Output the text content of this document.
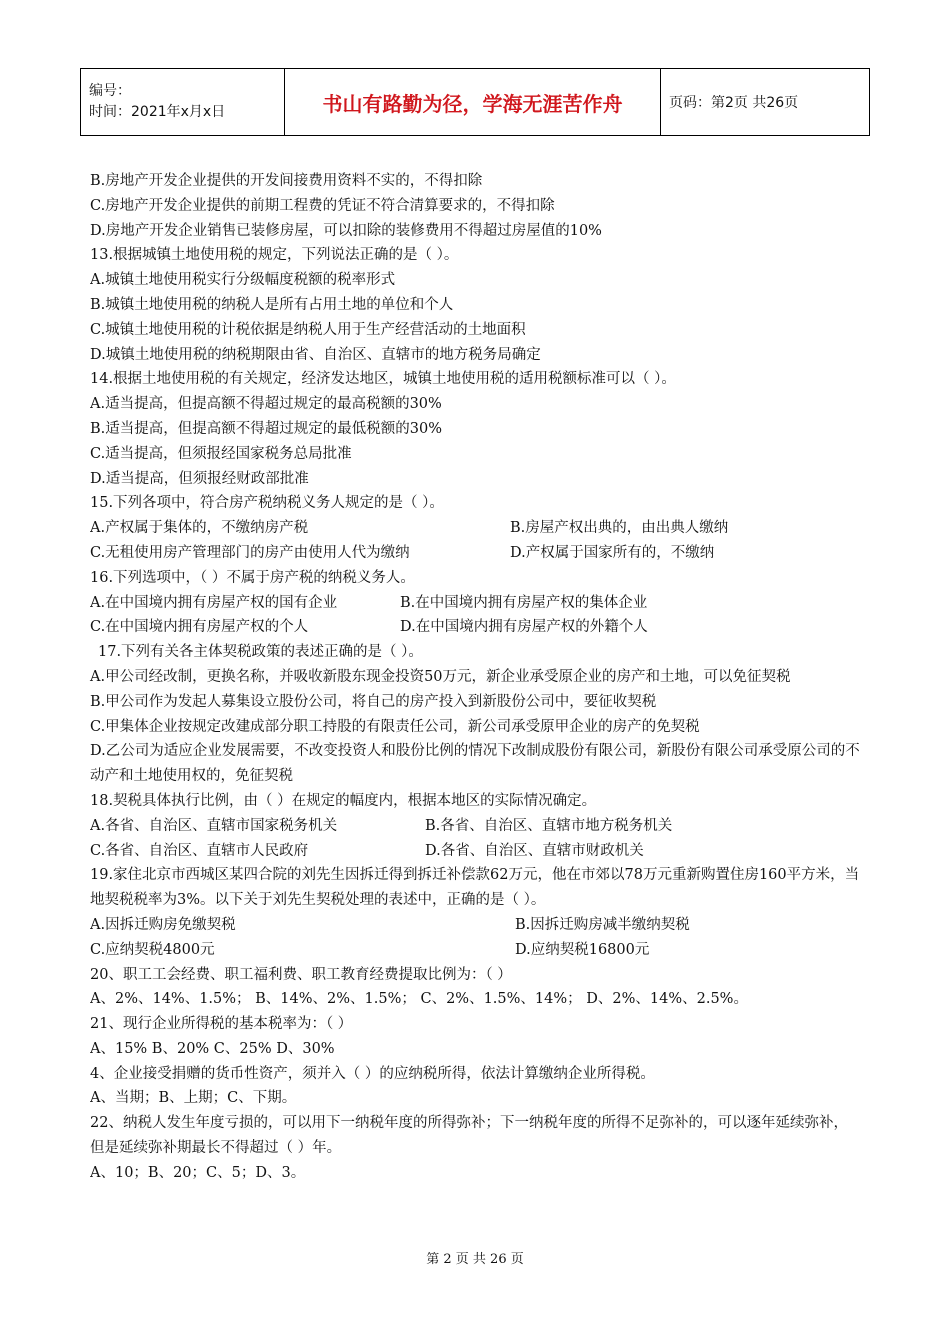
编号：
时间：2021年x月x日	书山有路勤为径，学海无涯苦作舟	页码：第2页 共26页
B.房地产开发企业提供的开发间接费用资料不实的，不得扣除
C.房地产开发企业提供的前期工程费的凭证不符合清算要求的，不得扣除
D.房地产开发企业销售已装修房屋，可以扣除的装修费用不得超过房屋值的10%
13.根据城镇土地使用税的规定，下列说法正确的是（ ）。
A.城镇土地使用税实行分级幅度税额的税率形式
B.城镇土地使用税的纳税人是所有占用土地的单位和个人
C.城镇土地使用税的计税依据是纳税人用于生产经营活动的土地面积
D.城镇土地使用税的纳税期限由省、自治区、直辖市的地方税务局确定
14.根据土地使用税的有关规定，经济发达地区，城镇土地使用税的适用税额标准可以（ ）。
A.适当提高，但提高额不得超过规定的最高税额的30%
B.适当提高，但提高额不得超过规定的最低税额的30%
C.适当提高，但须报经国家税务总局批准
D.适当提高，但须报经财政部批准
15.下列各项中，符合房产税纳税义务人规定的是（ ）。
A.产权属于集体的，不缴纳房产税	B.房屋产权出典的，由出典人缴纳
C.无租使用房产管理部门的房产由使用人代为缴纳	D.产权属于国家所有的，不缴纳
16.下列选项中，（ ）不属于房产税的纳税义务人。
A.在中国境内拥有房屋产权的国有企业	B.在中国境内拥有房屋产权的集体企业
C.在中国境内拥有房屋产权的个人	D.在中国境内拥有房屋产权的外籍个人
17.下列有关各主体契税政策的表述正确的是（ ）。
A.甲公司经改制，更换名称，并吸收新股东现金投资50万元，新企业承受原企业的房产和土地，可以免征契税
B.甲公司作为发起人募集设立股份公司，将自己的房产投入到新股份公司中，要征收契税
C.甲集体企业按规定改建成部分职工持股的有限责任公司，新公司承受原甲企业的房产的免契税
D.乙公司为适应企业发展需要，不改变投资人和股份比例的情况下改制成股份有限公司，新股份有限公司承受原公司的不动产和土地使用权的，免征契税
18.契税具体执行比例，由（ ）在规定的幅度内，根据本地区的实际情况确定。
A.各省、自治区、直辖市国家税务机关	B.各省、自治区、直辖市地方税务机关
C.各省、自治区、直辖市人民政府	D.各省、自治区、直辖市财政机关
19.家住北京市西城区某四合院的刘先生因拆迁得到拆迁补偿款62万元，他在市郊以78万元重新购置住房160平方米，当地契税税率为3%。以下关于刘先生契税处理的表述中，正确的是（ ）。
A.因拆迁购房免缴契税	B.因拆迁购房减半缴纳契税
C.应纳契税4800元	D.应纳契税16800元
20、职工工会经费、职工福利费、职工教育经费提取比例为：（ ）
A、2%、14%、1.5%； B、14%、2%、1.5%； C、2%、1.5%、14%； D、2%、14%、2.5%。
21、现行企业所得税的基本税率为：（ ）
A、15% B、20% C、25% D、30%
4、企业接受捐赠的货币性资产，须并入（ ）的应纳税所得，依法计算缴纳企业所得税。
A、当期；B、上期；C、下期。
22、纳税人发生年度亏损的，可以用下一纳税年度的所得弥补；下一纳税年度的所得不足弥补的，可以逐年延续弥补，但是延续弥补期最长不得超过（ ）年。
A、10；B、20；C、5；D、3。
第 2 页 共 26 页
